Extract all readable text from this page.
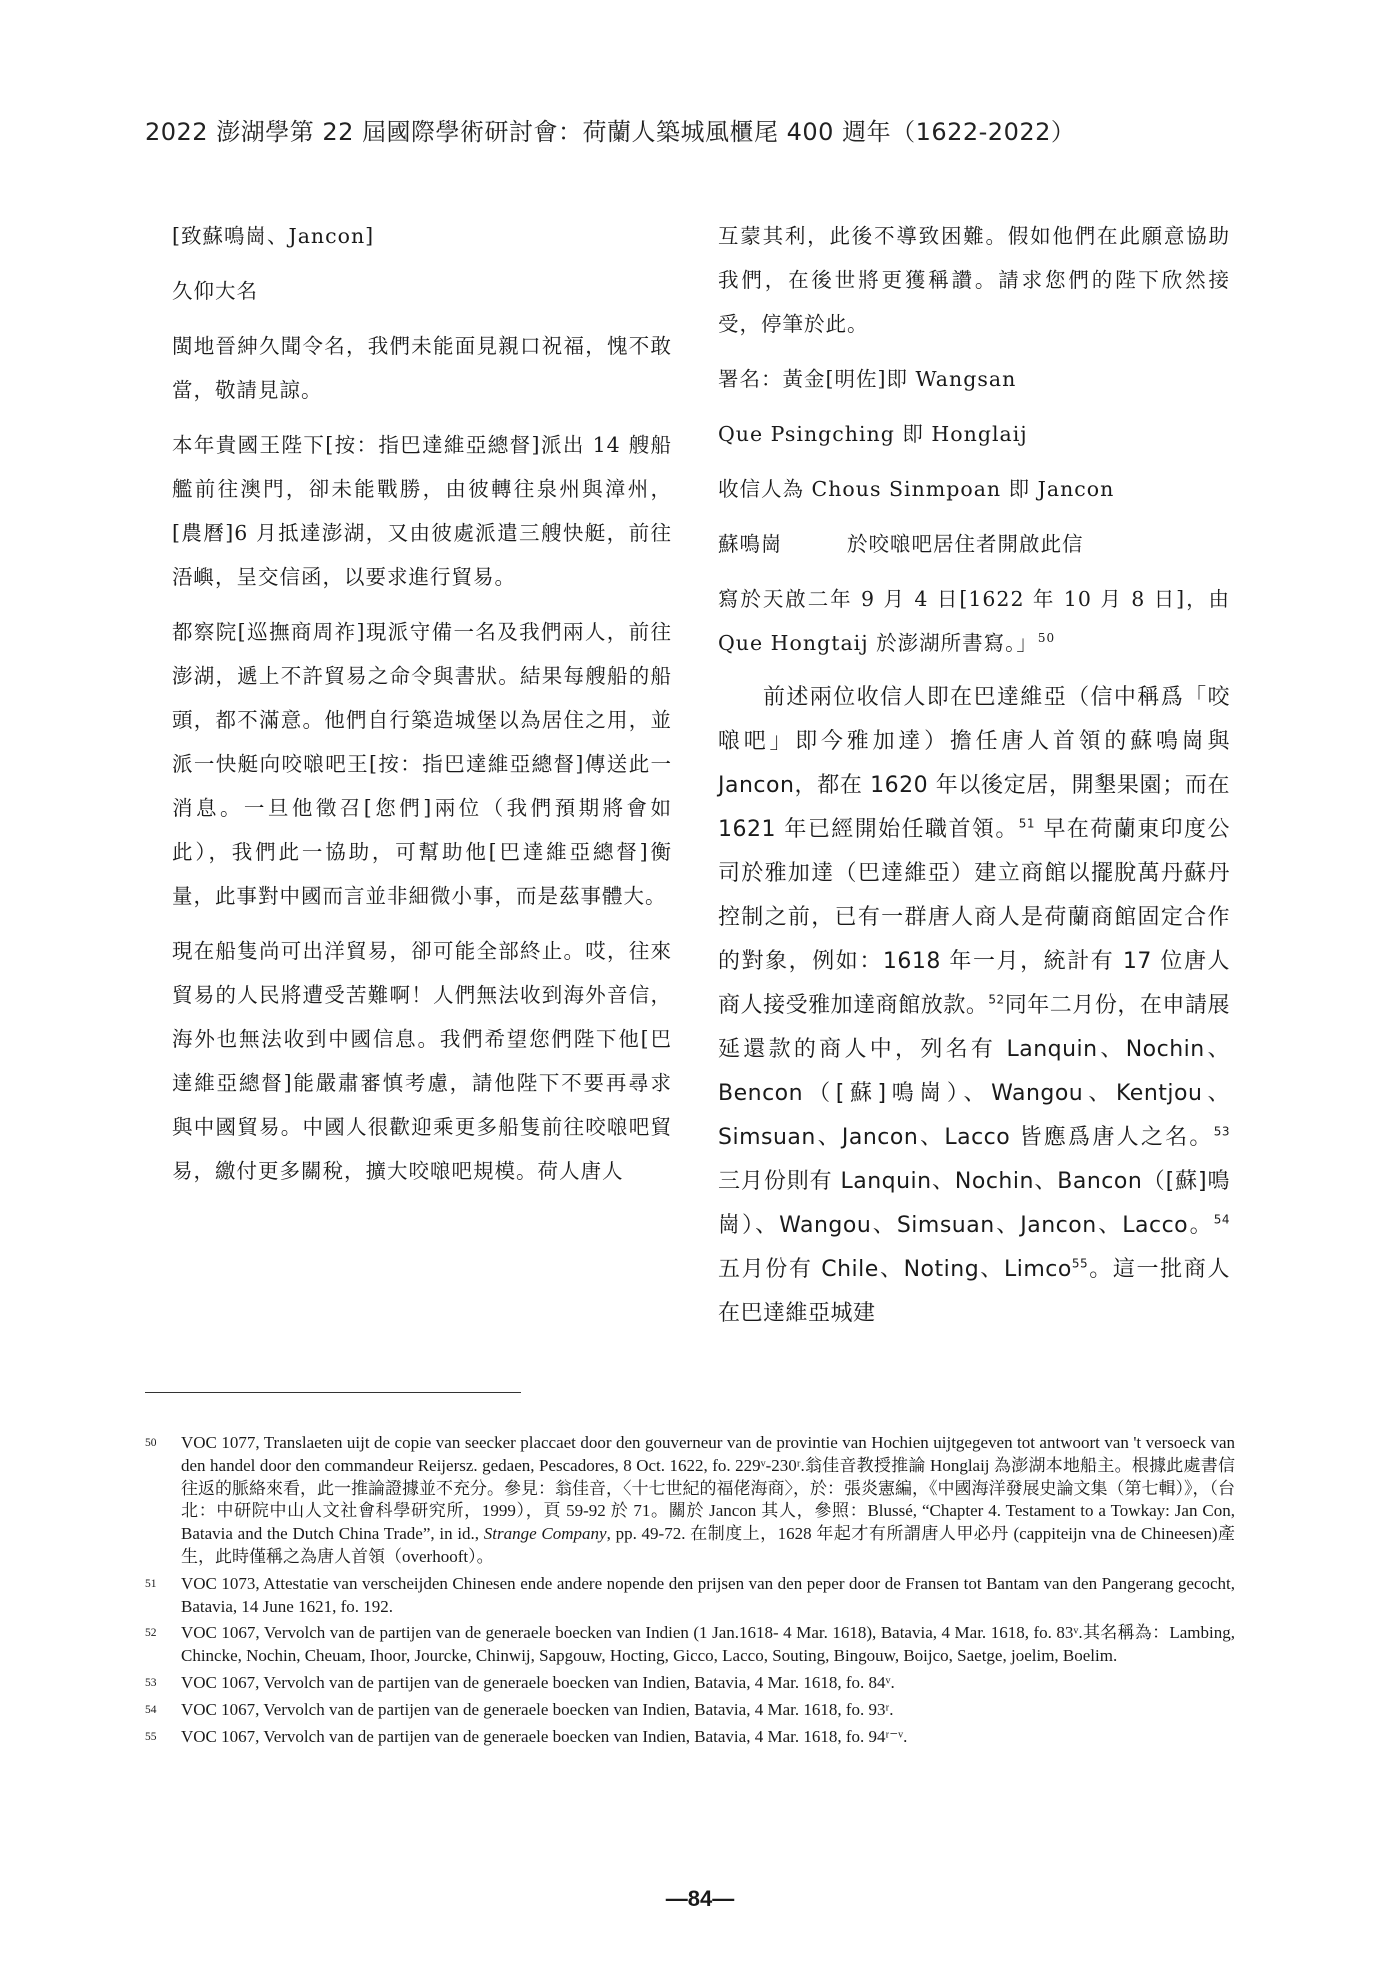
2022 澎湖學第 22 屆國際學術研討會：荷蘭人築城風櫃尾 400 週年（1622-2022）

[致蘇鳴崗、Jancon]

久仰大名

閩地晉紳久聞令名，我們未能面見親口祝福，愧不敢當，敬請見諒。

本年貴國王陛下[按：指巴達維亞總督]派出 14 艘船艦前往澳門，卻未能戰勝，由彼轉往泉州與漳州，[農曆]6 月抵達澎湖，又由彼處派遣三艘快艇，前往浯嶼，呈交信函，以要求進行貿易。

都察院[巡撫商周祚]現派守備一名及我們兩人，前往澎湖，遞上不許貿易之命令與書狀。結果每艘船的船頭，都不滿意。他們自行築造城堡以為居住之用，並派一快艇向咬𠺘吧王[按：指巴達維亞總督]傳送此一消息。一旦他徵召[您們]兩位（我們預期將會如此），我們此一協助，可幫助他[巴達維亞總督]衡量，此事對中國而言並非細微小事，而是茲事體大。

現在船隻尚可出洋貿易，卻可能全部終止。哎，往來貿易的人民將遭受苦難啊！人們無法收到海外音信，海外也無法收到中國信息。我們希望您們陛下他[巴達維亞總督]能嚴肅審慎考慮，請他陛下不要再尋求與中國貿易。中國人很歡迎乘更多船隻前往咬𠺘吧貿易，繳付更多關稅，擴大咬𠺘吧規模。荷人唐人

互蒙其利，此後不導致困難。假如他們在此願意協助我們，在後世將更獲稱讚。請求您們的陛下欣然接受，停筆於此。

署名：黃金[明佐]即 Wangsan

Que Psingching 即 Honglaij

收信人為 Chous Sinmpoan 即 Jancon

蘇鳴崗　　　於咬𠺘吧居住者開啟此信

寫於天啟二年 9 月 4 日[1622 年 10 月 8 日]，由 Que Hongtaij 於澎湖所書寫。」$^{50}$

前述兩位收信人即在巴達維亞（信中稱爲「咬𠺘吧」即今雅加達）擔任唐人首領的蘇鳴崗與 Jancon，都在 1620 年以後定居，開墾果園；而在 1621 年已經開始任職首領。$^{51}$ 早在荷蘭東印度公司於雅加達（巴達維亞）建立商館以擺脫萬丹蘇丹控制之前，已有一群唐人商人是荷蘭商館固定合作的對象，例如：1618 年一月，統計有 17 位唐人商人接受雅加達商館放款。$^{52}$同年二月份，在申請展延還款的商人中，列名有 Lanquin、Nochin、Bencon（[蘇]鳴崗）、Wangou、Kentjou、Simsuan、Jancon、Lacco 皆應爲唐人之名。$^{53}$ 三月份則有 Lanquin、Nochin、Bancon（[蘇]鳴崗）、Wangou、Simsuan、Jancon、Lacco。$^{54}$ 五月份有 Chile、Noting、Limco$^{55}$。這一批商人在巴達維亞城建

50 VOC 1077, Translaeten uijt de copie van seecker placcaet door den gouverneur van de provintie van Hochien uijtgegeven tot antwoort van 't versoeck van den handel door den commandeur Reijersz. gedaen, Pescadores, 8 Oct. 1622, fo. 229ᵛ-230ʳ.翁佳音教授推論 Honglaij 為澎湖本地船主。根據此處書信往返的脈絡來看，此一推論證據並不充分。參見：翁佳音，〈十七世紀的福佬海商〉，於：張炎憲編，《中國海洋發展史論文集（第七輯）》，（台北：中研院中山人文社會科學研究所，1999），頁 59-92 於 71。關於 Jancon 其人，參照：Blussé, “Chapter 4. Testament to a Towkay: Jan Con, Batavia and the Dutch China Trade”, in id., Strange Company, pp. 49-72. 在制度上，1628 年起才有所謂唐人甲必丹 (cappiteijn vna de Chineesen)產生，此時僅稱之為唐人首領（overhooft）。
51 VOC 1073, Attestatie van verscheijden Chinesen ende andere nopende den prijsen van den peper door de Fransen tot Bantam van den Pangerang gecocht, Batavia, 14 June 1621, fo. 192.
52 VOC 1067, Vervolch van de partijen van de generaele boecken van Indien (1 Jan.1618- 4 Mar. 1618), Batavia, 4 Mar. 1618, fo. 83ᵛ.其名稱為：Lambing, Chincke, Nochin, Cheuam, Ihoor, Jourcke, Chinwij, Sapgouw, Hocting, Gicco, Lacco, Souting, Bingouw, Boijco, Saetge, joelim, Boelim.
53 VOC 1067, Vervolch van de partijen van de generaele boecken van Indien, Batavia, 4 Mar. 1618, fo. 84ᵛ.
54 VOC 1067, Vervolch van de partijen van de generaele boecken van Indien, Batavia, 4 Mar. 1618, fo. 93ʳ.
55 VOC 1067, Vervolch van de partijen van de generaele boecken van Indien, Batavia, 4 Mar. 1618, fo. 94ʳ⁻ᵛ.
—84—
